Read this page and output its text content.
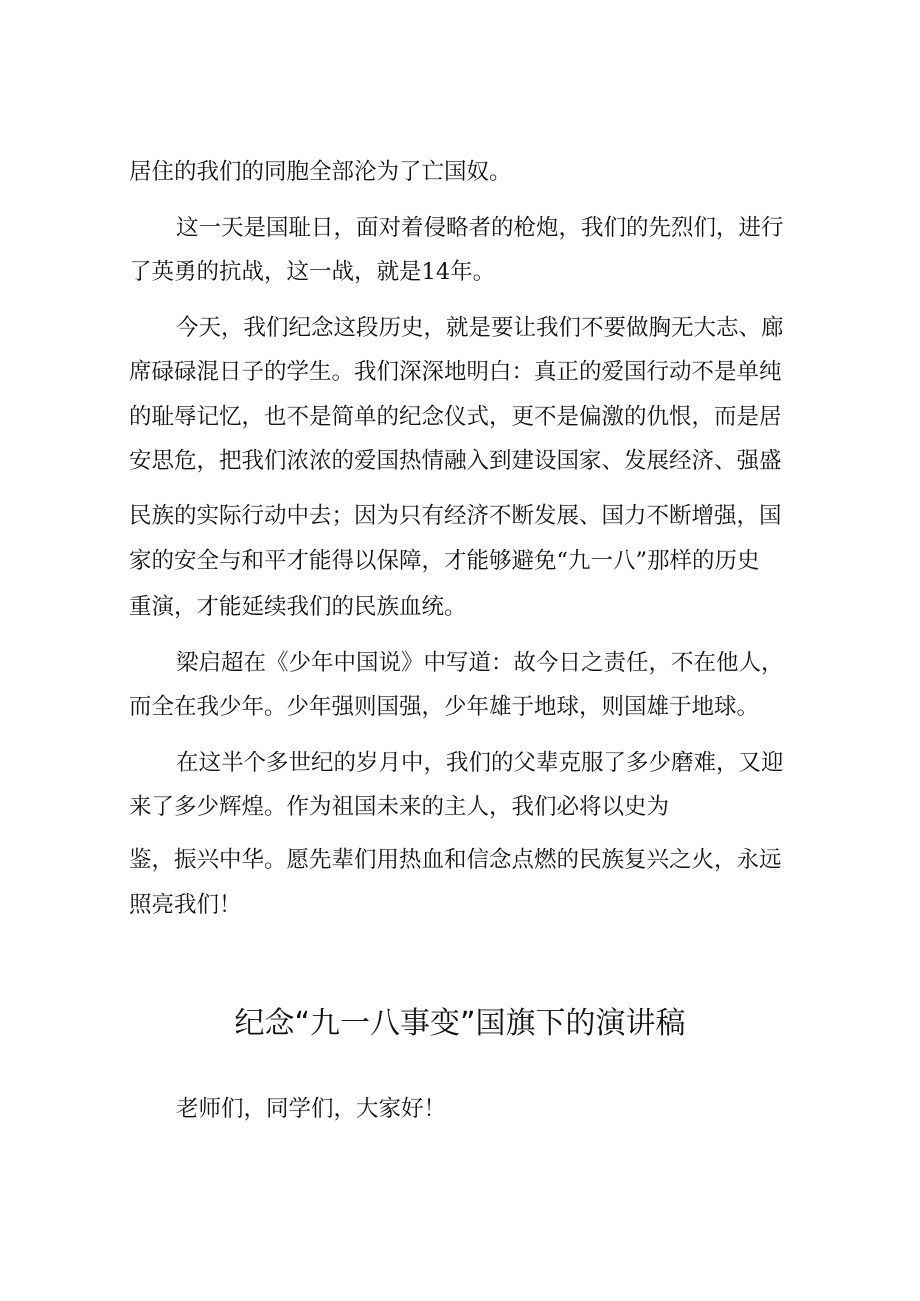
居住的我们的同胞全部沦为了亡国奴。

这一天是国耻日，面对着侵略者的枪炮，我们的先烈们，进行

了英勇的抗战，这一战，就是14年。

今天，我们纪念这段历史，就是要让我们不要做胸无大志、廊

席碌碌混日子的学生。我们深深地明白：真正的爱国行动不是单纯

的耻辱记忆，也不是简单的纪念仪式，更不是偏激的仇恨，而是居

安思危，把我们浓浓的爱国热情融入到建设国家、发展经济、强盛

民族的实际行动中去；因为只有经济不断发展、国力不断增强，国

家的安全与和平才能得以保障，才能够避免“九一八”那样的历史

重演，才能延续我们的民族血统。

梁启超在《少年中国说》中写道：故今日之责任，不在他人，

而全在我少年。少年强则国强，少年雄于地球，则国雄于地球。

在这半个多世纪的岁月中，我们的父辈克服了多少磨难，又迎

来了多少辉煌。作为祖国未来的主人，我们必将以史为

鉴，振兴中华。愿先辈们用热血和信念点燃的民族复兴之火，永远

照亮我们！

纪念“九一八事变”国旗下的演讲稿

老师们，同学们，大家好！
